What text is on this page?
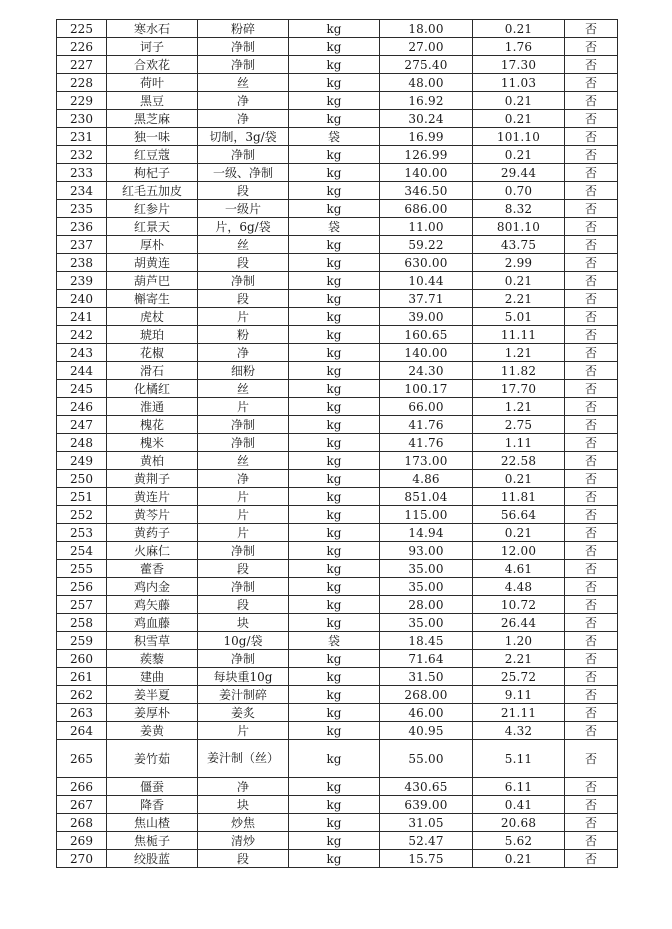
225	寒水石	粉碎	kg	18.00	0.21	否
226	诃子	净制	kg	27.00	1.76	否
227	合欢花	净制	kg	275.40	17.30	否
228	荷叶	丝	kg	48.00	11.03	否
229	黑豆	净	kg	16.92	0.21	否
230	黑芝麻	净	kg	30.24	0.21	否
231	独一味	切制，3g/袋	袋	16.99	101.10	否
232	红豆蔻	净制	kg	126.99	0.21	否
233	枸杞子	一级、净制	kg	140.00	29.44	否
234	红毛五加皮	段	kg	346.50	0.70	否
235	红参片	一级片	kg	686.00	8.32	否
236	红景天	片，6g/袋	袋	11.00	801.10	否
237	厚朴	丝	kg	59.22	43.75	否
238	胡黄连	段	kg	630.00	2.99	否
239	葫芦巴	净制	kg	10.44	0.21	否
240	槲寄生	段	kg	37.71	2.21	否
241	虎杖	片	kg	39.00	5.01	否
242	琥珀	粉	kg	160.65	11.11	否
243	花椒	净	kg	140.00	1.21	否
244	滑石	细粉	kg	24.30	11.82	否
245	化橘红	丝	kg	100.17	17.70	否
246	淮通	片	kg	66.00	1.21	否
247	槐花	净制	kg	41.76	2.75	否
248	槐米	净制	kg	41.76	1.11	否
249	黄柏	丝	kg	173.00	22.58	否
250	黄荆子	净	kg	4.86	0.21	否
251	黄连片	片	kg	851.04	11.81	否
252	黄芩片	片	kg	115.00	56.64	否
253	黄药子	片	kg	14.94	0.21	否
254	火麻仁	净制	kg	93.00	12.00	否
255	藿香	段	kg	35.00	4.61	否
256	鸡内金	净制	kg	35.00	4.48	否
257	鸡矢藤	段	kg	28.00	10.72	否
258	鸡血藤	块	kg	35.00	26.44	否
259	积雪草	10g/袋	袋	18.45	1.20	否
260	蒺藜	净制	kg	71.64	2.21	否
261	建曲	每块重10g	kg	31.50	25.72	否
262	姜半夏	姜汁制碎	kg	268.00	9.11	否
263	姜厚朴	姜炙	kg	46.00	21.11	否
264	姜黄	片	kg	40.95	4.32	否
265	姜竹茹	姜汁制（丝）	kg	55.00	5.11	否
266	僵蚕	净	kg	430.65	6.11	否
267	降香	块	kg	639.00	0.41	否
268	焦山楂	炒焦	kg	31.05	20.68	否
269	焦栀子	清炒	kg	52.47	5.62	否
270	绞股蓝	段	kg	15.75	0.21	否
